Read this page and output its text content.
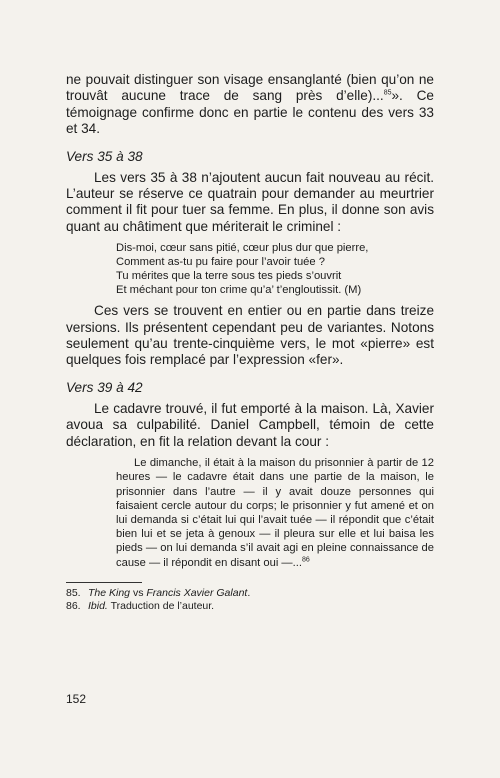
ne pouvait distinguer son visage ensanglanté (bien qu’on ne trouvât aucune trace de sang près d’elle)...$^{85}$». Ce témoignage confirme donc en partie le contenu des vers 33 et 34.

Vers 35 à 38

Les vers 35 à 38 n’ajoutent aucun fait nouveau au récit. L’auteur se réserve ce quatrain pour demander au meurtrier comment il fit pour tuer sa femme. En plus, il donne son avis quant au châtiment que mériterait le criminel :

Dis-moi, cœur sans pitié, cœur plus dur que pierre,
Comment as-tu pu faire pour l’avoir tuée ?
Tu mérites que la terre sous tes pieds s’ouvrit
Et méchant pour ton crime qu’a’ t’engloutissit. (M)

Ces vers se trouvent en entier ou en partie dans treize versions. Ils présentent cependant peu de variantes. Notons seulement qu’au trente-cinquième vers, le mot «pierre» est quelques fois remplacé par l’expression «fer».

Vers 39 à 42

Le cadavre trouvé, il fut emporté à la maison. Là, Xavier avoua sa culpabilité. Daniel Campbell, témoin de cette déclaration, en fit la relation devant la cour :

Le dimanche, il était à la maison du prisonnier à partir de 12 heures — le cadavre était dans une partie de la maison, le prisonnier dans l’autre — il y avait douze personnes qui faisaient cercle autour du corps; le prisonnier y fut amené et on lui demanda si c’était lui qui l’avait tuée — il répondit que c’était bien lui et se jeta à genoux — il pleura sur elle et lui baisa les pieds — on lui demanda s’il avait agi en pleine connaissance de cause — il répondit en disant oui —...$^{86}$

85. The King vs Francis Xavier Galant.

86. Ibid. Traduction de l’auteur.

152
